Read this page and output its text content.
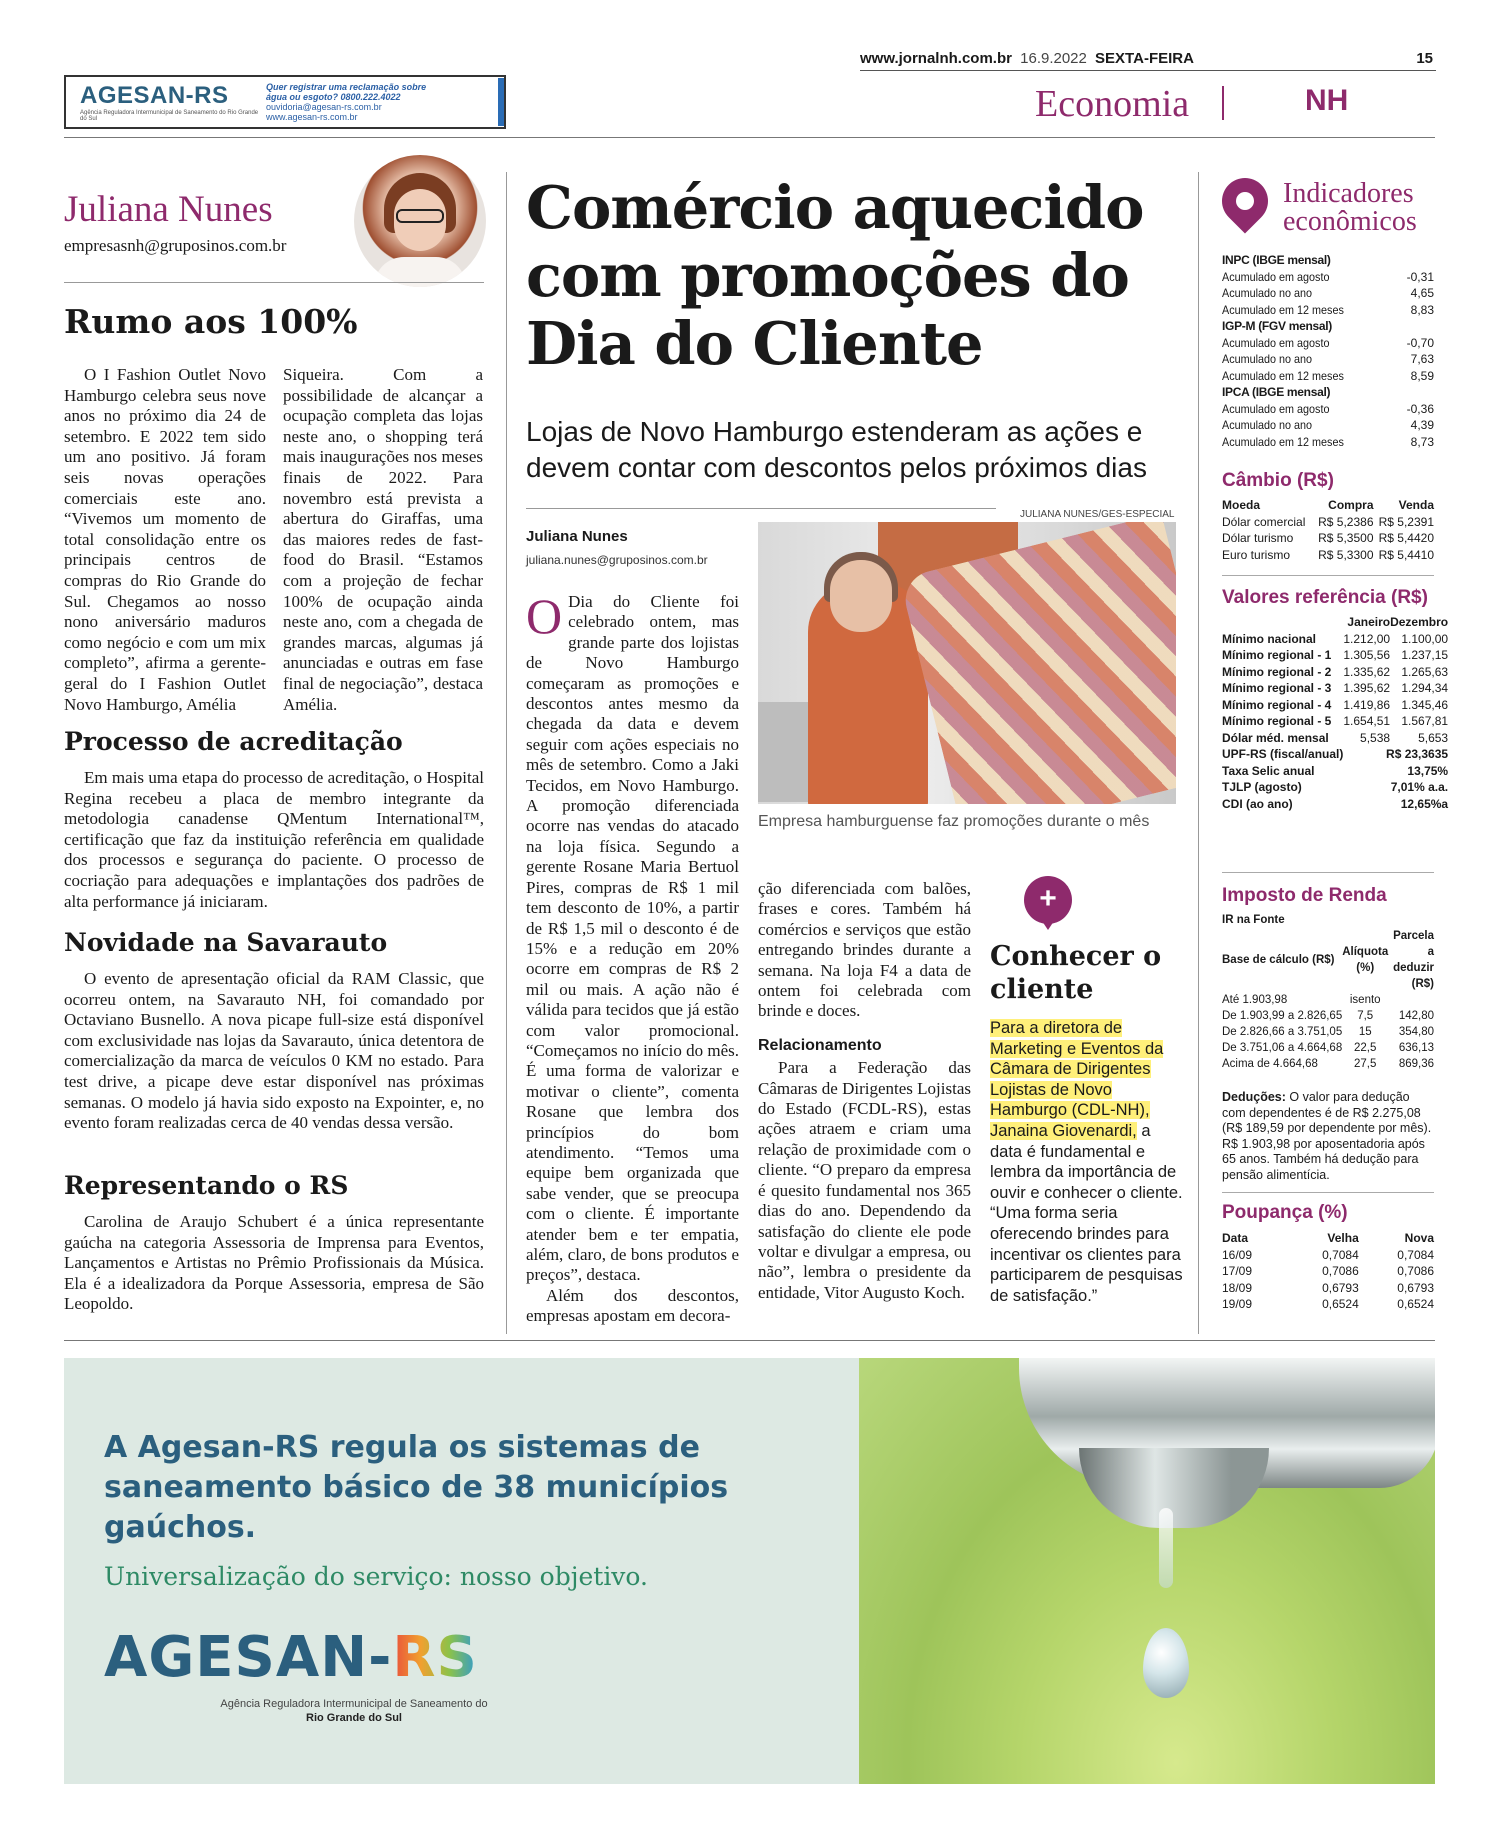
www.jornalnh.com.br 16.9.2022 SEXTA-FEIRA	15
AGESAN-RS
Agência Reguladora Intermunicipal de Saneamento do Rio Grande do Sul
Quer registrar uma reclamação sobre
água ou esgoto? 0800.222.4022
ouvidoria@agesan-rs.com.br
www.agesan-rs.com.br	Economia	NH
Juliana Nunes
empresasnh@gruposinos.com.br
Rumo aos 100%

O I Fashion Outlet Novo Hamburgo celebra seus nove anos no próximo dia 24 de setembro. E 2022 tem sido um ano positivo. Já foram seis novas operações comerciais este ano. “Vivemos um momento de total consolidação entre os principais centros de compras do Rio Grande do Sul. Chegamos ao nosso nono aniversário maduros como negócio e com um mix completo”, afirma a gerente-geral do I Fashion Outlet Novo Hamburgo, Amélia

Siqueira. Com a possibilidade de alcançar a ocupação completa das lojas neste ano, o shopping terá mais inaugurações nos meses finais de 2022. Para novembro está prevista a abertura do Giraffas, uma das maiores redes de fast-food do Brasil. “Estamos com a projeção de fechar 100% de ocupação ainda neste ano, com a chegada de grandes marcas, algumas já anunciadas e outras em fase final de negociação”, destaca Amélia.

Processo de acreditação

Em mais uma etapa do processo de acreditação, o Hospital Regina recebeu a placa de membro integrante da metodologia canadense QMentum International™, certificação que faz da instituição referência em qualidade dos processos e segurança do paciente. O processo de cocriação para adequações e implantações dos padrões de alta performance já iniciaram.

Novidade na Savarauto

O evento de apresentação oficial da RAM Classic, que ocorreu ontem, na Savarauto NH, foi comandado por Octaviano Busnello. A nova picape full-size está disponível com exclusividade nas lojas da Savarauto, única detentora de comercialização da marca de veículos 0 KM no estado. Para test drive, a picape deve estar disponível nas próximas semanas. O modelo já havia sido exposto na Expointer, e, no evento foram realizadas cerca de 40 vendas dessa versão.

Representando o RS

Carolina de Araujo Schubert é a única representante gaúcha na categoria Assessoria de Imprensa para Eventos, Lançamentos e Artistas no Prêmio Profissionais da Música. Ela é a idealizadora da Porque Assessoria, empresa de São Leopoldo.

Comércio aquecido com promoções do Dia do Cliente

Lojas de Novo Hamburgo estenderam as ações e devem contar com descontos pelos próximos dias

JULIANA NUNES/GES-ESPECIAL
Juliana Nunes
juliana.nunes@gruposinos.com.br
Empresa hamburguense faz promoções durante o mês

O Dia do Cliente foi celebrado ontem, mas grande parte dos lojistas de Novo Hamburgo começaram as promoções e descontos antes mesmo da chegada da data e devem seguir com ações especiais no mês de setembro. Como a Jaki Tecidos, em Novo Hamburgo. A promoção diferenciada ocorre nas vendas do atacado na loja física. Segundo a gerente Rosane Maria Bertuol Pires, compras de R$ 1 mil tem desconto de 10%, a partir de R$ 1,5 mil o desconto é de 15% e a redução em 20% ocorre em compras de R$ 2 mil ou mais. A ação não é válida para tecidos que já estão com valor promocional. “Começamos no início do mês. É uma forma de valorizar e motivar o cliente”, comenta Rosane que lembra dos princípios do bom atendimento. “Temos uma equipe bem organizada que sabe vender, que se preocupa com o cliente. É importante atender bem e ter empatia, além, claro, de bons produtos e preços”, destaca.

Além dos descontos, empresas apostam em decora-

ção diferenciada com balões, frases e cores. Também há comércios e serviços que estão entregando brindes durante a semana. Na loja F4 a data de ontem foi celebrada com brinde e doces.

Relacionamento

Para a Federação das Câmaras de Dirigentes Lojistas do Estado (FCDL-RS), estas ações atraem e criam uma relação de proximidade com o cliente. “O preparo da empresa é quesito fundamental nos 365 dias do ano. Dependendo da satisfação do cliente ele pode voltar e divulgar a empresa, ou não”, lembra o presidente da entidade, Vitor Augusto Koch.

+
Conhecer o cliente

Para a diretora de Marketing e Eventos da Câmara de Dirigentes Lojistas de Novo Hamburgo (CDL-NH), Janaina Giovenardi, a data é fundamental e lembra da importância de ouvir e conhecer o cliente. “Uma forma seria oferecendo brindes para incentivar os clientes para participarem de pesquisas de satisfação.”

Indicadores
econômicos
INPC (IBGE mensal)
Acumulado em agosto	-0,31
Acumulado no ano	4,65
Acumulado em 12 meses	8,83
IGP-M (FGV mensal)
Acumulado em agosto	-0,70
Acumulado no ano	7,63
Acumulado em 12 meses	8,59
IPCA (IBGE mensal)
Acumulado em agosto	-0,36
Acumulado no ano	4,39
Acumulado em 12 meses	8,73
Câmbio (R$)
Moeda	Compra	Venda
Dólar comercial	R$ 5,2386	R$ 5,2391
Dólar turismo	R$ 5,3500	R$ 5,4420
Euro turismo	R$ 5,3300	R$ 5,4410
Valores referência (R$)
	Janeiro	Dezembro
Mínimo nacional	1.212,00	1.100,00
Mínimo regional - 1	1.305,56	1.237,15
Mínimo regional - 2	1.335,62	1.265,63
Mínimo regional - 3	1.395,62	1.294,34
Mínimo regional - 4	1.419,86	1.345,46
Mínimo regional - 5	1.654,51	1.567,81
Dólar méd. mensal	5,538	5,653
UPF-RS (fiscal/anual)	R$ 23,3635	
Taxa Selic anual	13,75%	
TJLP (agosto)	7,01% a.a.	
CDI (ao ano)	12,65%a	
Imposto de Renda
IR na Fonte		
Base de cálculo (R$)	Alíquota (%)	Parcela a deduzir (R$)
Até 1.903,98	isento	
De 1.903,99 a 2.826,65	7,5	142,80
De 2.826,66 a 3.751,05	15	354,80
De 3.751,06 a 4.664,68	22,5	636,13
Acima de 4.664,68	27,5	869,36

Deduções: O valor para dedução com dependentes é de R$ 2.275,08 (R$ 189,59 por dependente por mês). R$ 1.903,98 por aposentadoria após 65 anos. Também há dedução para pensão alimentícia.

Poupança (%)
Data	Velha	Nova
16/09	0,7084	0,7084
17/09	0,7086	0,7086
18/09	0,6793	0,6793
19/09	0,6524	0,6524
A Agesan-RS regula os sistemas de saneamento básico de 38 municípios gaúchos.
Universalização do serviço: nosso objetivo.
AGESAN-RS
Agência Reguladora Intermunicipal de Saneamento do
Rio Grande do Sul
